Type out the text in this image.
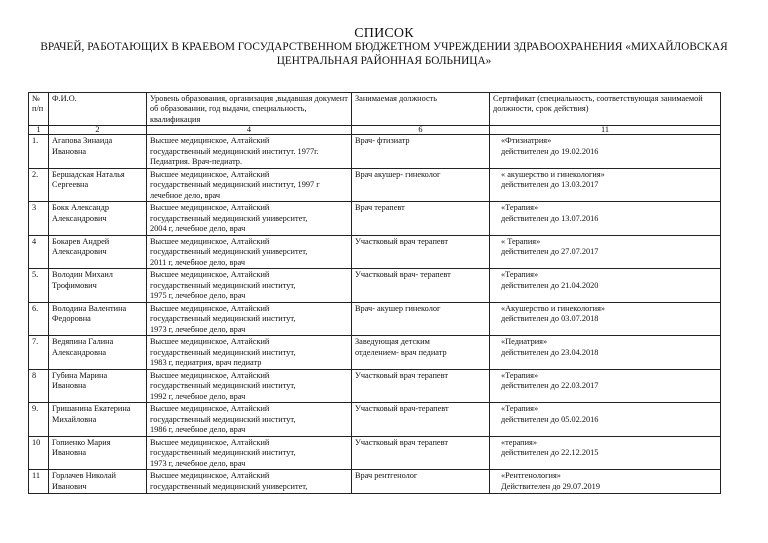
СПИСОК
ВРАЧЕЙ, РАБОТАЮЩИХ В КРАЕВОМ ГОСУДАРСТВЕННОМ БЮДЖЕТНОМ УЧРЕЖДЕНИИ ЗДРАВООХРАНЕНИЯ «МИХАЙЛОВСКАЯ
ЦЕНТРАЛЬНАЯ РАЙОННАЯ БОЛЬНИЦА»
№ п/п	Ф.И.О.	Уровень образования, организация ,выдавшая документ об образовании, год выдачи, специальность, квалификация	Занимаемая должность	Сертификат (специальность, соответствующая занимаемой должности, срок действия)
1	2	4	6	11
1.	Агапова Зинаида
Ивановна	Высшее медицинское, Алтайский
государственный медицинский институт. 1977г.
Педиатрия. Врач-педиатр.	Врач- фтизиатр	«Фтизиатрия»
действителен до 19.02.2016

2.	Бершадская Наталья
Сергеевна	Высшее медицинское, Алтайский
государственный медицинский институт, 1997 г
лечебное дело, врач	Врач акушер- гинеколог	« акушерство и гинекология»
действителен до 13.03.2017

3	Бокк Александр
Александрович	Высшее медицинское, Алтайский
государственный медицинский университет,
2004 г, лечебное дело, врач	Врач терапевт	«Терапия»
действителен до 13.07.2016

4	Бокарев Андрей
Александрович	Высшее медицинское, Алтайский
государственный медицинский университет,
2011 г, лечебное дело, врач	Участковый врач терапевт	« Терапия»
действителен до 27.07.2017

5.	Володин Михаил
Трофимович	Высшее медицинское, Алтайский
государственный медицинский институт,
1975 г, лечебное дело, врач	Участковый врач- терапевт	«Терапия»
действителен до 21.04.2020

6.	Володина Валентина
Федоровна	Высшее медицинское, Алтайский
государственный медицинский институт,
1973 г, лечебное дело, врач	Врач- акушер гинеколог	«Акушерство и гинекология»
действителен до 03.07.2018

7.	Ведяпина Галина
Александровна	Высшее медицинское, Алтайский
государственный медицинский институт,
1983 г, педиатрия, врач педиатр	Заведующая детским
отделением- врач педиатр	«Педиатрия»
действителен до 23.04.2018

8	Губина Марина
Ивановна	Высшее медицинское, Алтайский
государственный медицинский институт,
1992 г, лечебное дело, врач	Участковый врач терапевт	«Терапия»
действителен до 22.03.2017

9.	Гришанина Екатерина
Михайловна	Высшее медицинское, Алтайский
государственный медицинский институт,
1986 г, лечебное дело, врач	Участковый врач-терапевт	«Терапия»
действителен до 05.02.2016

10	Гопиенко Мария
Ивановна	Высшее медицинское, Алтайский
государственный медицинский институт,
1973 г, лечебное дело, врач	Участковый врач терапевт	«терапия»
действителен до 22.12.2015

11	Горлачев Николай
Иванович	Высшее медицинское, Алтайский
государственный медицинский университет,	Врач рентгенолог	«Рентгенология»
Действителен до 29.07.2019
